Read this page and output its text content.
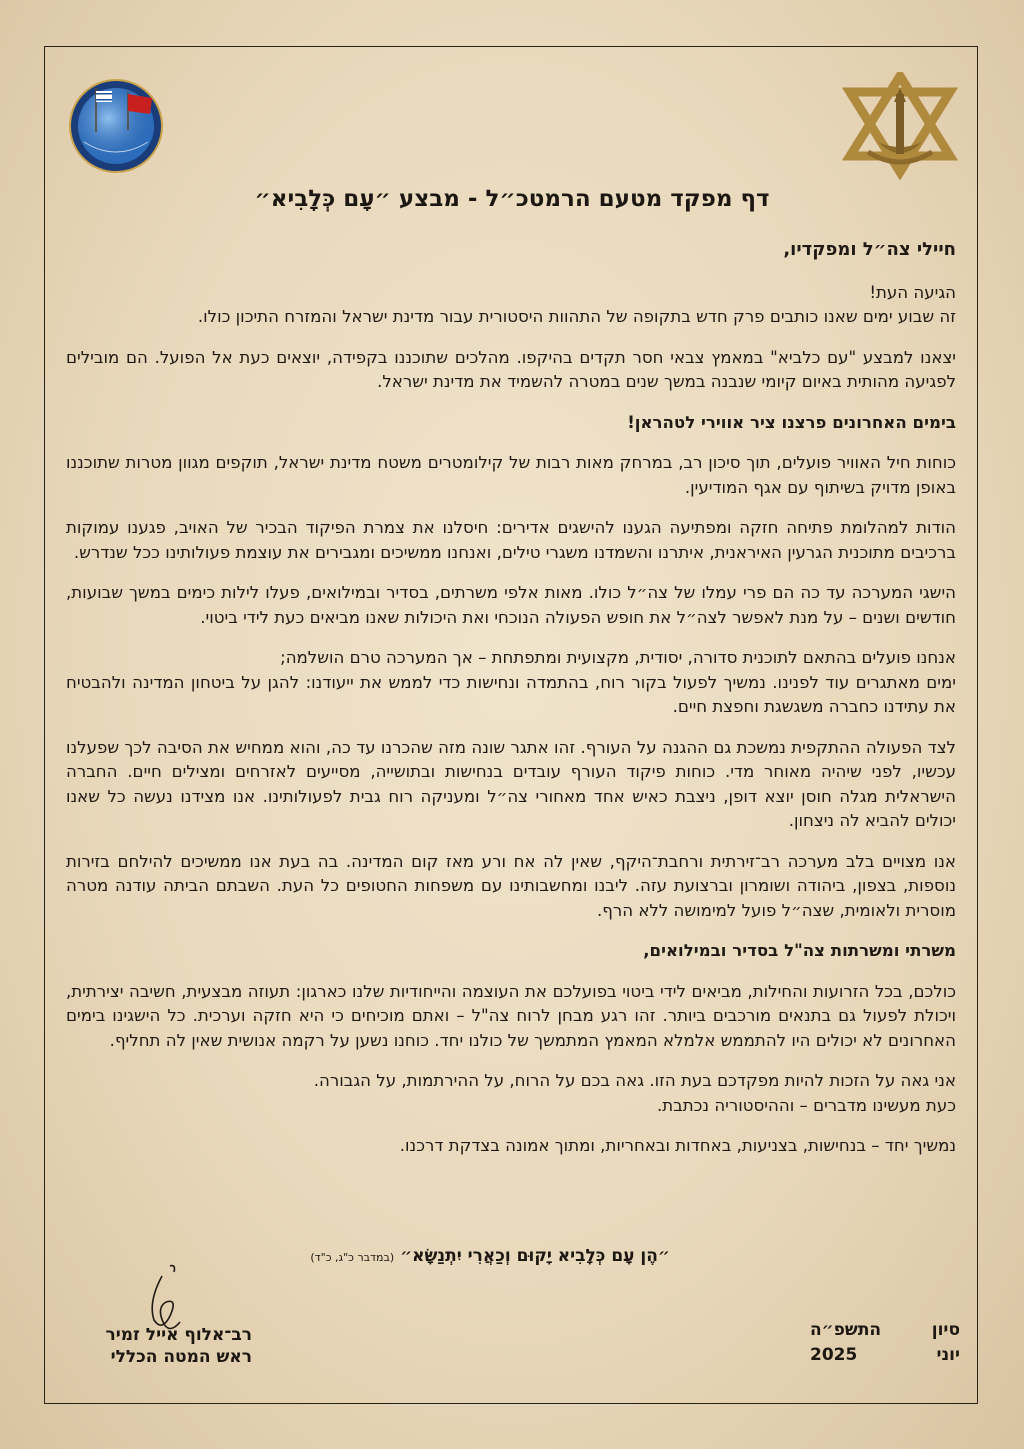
דף מפקד מטעם הרמטכ״ל - מבצע ״עָם כְּלָבִיא״

חיילי צה״ל ומפקדיו,

הגיעה העת!
זה שבוע ימים שאנו כותבים פרק חדש בתקופה של התהוות היסטורית עבור מדינת ישראל והמזרח התיכון כולו.

יצאנו למבצע "עם כלביא" במאמץ צבאי חסר תקדים בהיקפו. מהלכים שתוכננו בקפידה, יוצאים כעת אל הפועל. הם מובילים לפגיעה מהותית באיום קיומי שנבנה במשך שנים במטרה להשמיד את מדינת ישראל.

בימים האחרונים פרצנו ציר אווירי לטהראן!

כוחות חיל האוויר פועלים, תוך סיכון רב, במרחק מאות רבות של קילומטרים משטח מדינת ישראל, תוקפים מגוון מטרות שתוכננו באופן מדויק בשיתוף עם אגף המודיעין.

הודות למהלומת פתיחה חזקה ומפתיעה הגענו להישגים אדירים: חיסלנו את צמרת הפיקוד הבכיר של האויב, פגענו עמוקות ברכיבים מתוכנית הגרעין האיראנית, איתרנו והשמדנו משגרי טילים, ואנחנו ממשיכים ומגבירים את עוצמת פעולותינו ככל שנדרש.

הישגי המערכה עד כה הם פרי עמלו של צה״ל כולו. מאות אלפי משרתים, בסדיר ובמילואים, פעלו לילות כימים במשך שבועות, חודשים ושנים – על מנת לאפשר לצה״ל את חופש הפעולה הנוכחי ואת היכולות שאנו מביאים כעת לידי ביטוי.

אנחנו פועלים בהתאם לתוכנית סדורה, יסודית, מקצועית ומתפתחת – אך המערכה טרם הושלמה;
ימים מאתגרים עוד לפנינו. נמשיך לפעול בקור רוח, בהתמדה ונחישות כדי לממש את ייעודנו: להגן על ביטחון המדינה ולהבטיח את עתידנו כחברה משגשגת וחפצת חיים.

לצד הפעולה ההתקפית נמשכת גם ההגנה על העורף. זהו אתגר שונה מזה שהכרנו עד כה, והוא ממחיש את הסיבה לכך שפעלנו עכשיו, לפני שיהיה מאוחר מדי. כוחות פיקוד העורף עובדים בנחישות ובתושייה, מסייעים לאזרחים ומצילים חיים. החברה הישראלית מגלה חוסן יוצא דופן, ניצבת כאיש אחד מאחורי צה״ל ומעניקה רוח גבית לפעולותינו. אנו מצידנו נעשה כל שאנו יכולים להביא לה ניצחון.

אנו מצויים בלב מערכה רב־זירתית ורחבת־היקף, שאין לה אח ורע מאז קום המדינה. בה בעת אנו ממשיכים להילחם בזירות נוספות, בצפון, ביהודה ושומרון וברצועת עזה. ליבנו ומחשבותינו עם משפחות החטופים כל העת. השבתם הביתה עודנה מטרה מוסרית ולאומית, שצה״ל פועל למימושה ללא הרף.

משרתי ומשרתות צה"ל בסדיר ובמילואים,

כולכם, בכל הזרועות והחילות, מביאים לידי ביטוי בפועלכם את העוצמה והייחודיות שלנו כארגון: תעוזה מבצעית, חשיבה יצירתית, ויכולת לפעול גם בתנאים מורכבים ביותר. זהו רגע מבחן לרוח צה"ל – ואתם מוכיחים כי היא חזקה וערכית. כל הישגינו בימים האחרונים לא יכולים היו להתממש אלמלא המאמץ המתמשך של כולנו יחד. כוחנו נשען על רקמה אנושית שאין לה תחליף.

אני גאה על הזכות להיות מפקדכם בעת הזו. גאה בכם על הרוח, על ההירתמות, על הגבורה.
כעת מעשינו מדברים – וההיסטוריה נכתבת.

נמשיך יחד – בנחישות, בצניעות, באחדות ובאחריות, ומתוך אמונה בצדקת דרכנו.

״הֶן עָם כְּלָבִיא יָקוּם וְכַאֲרִי יִתְנַשָּׂא״ (במדבר כ"ג, כ"ד)
סיון
התשפ״ה
יוני
2025
רב־אלוף אייל זמיר
ראש המטה הכללי
